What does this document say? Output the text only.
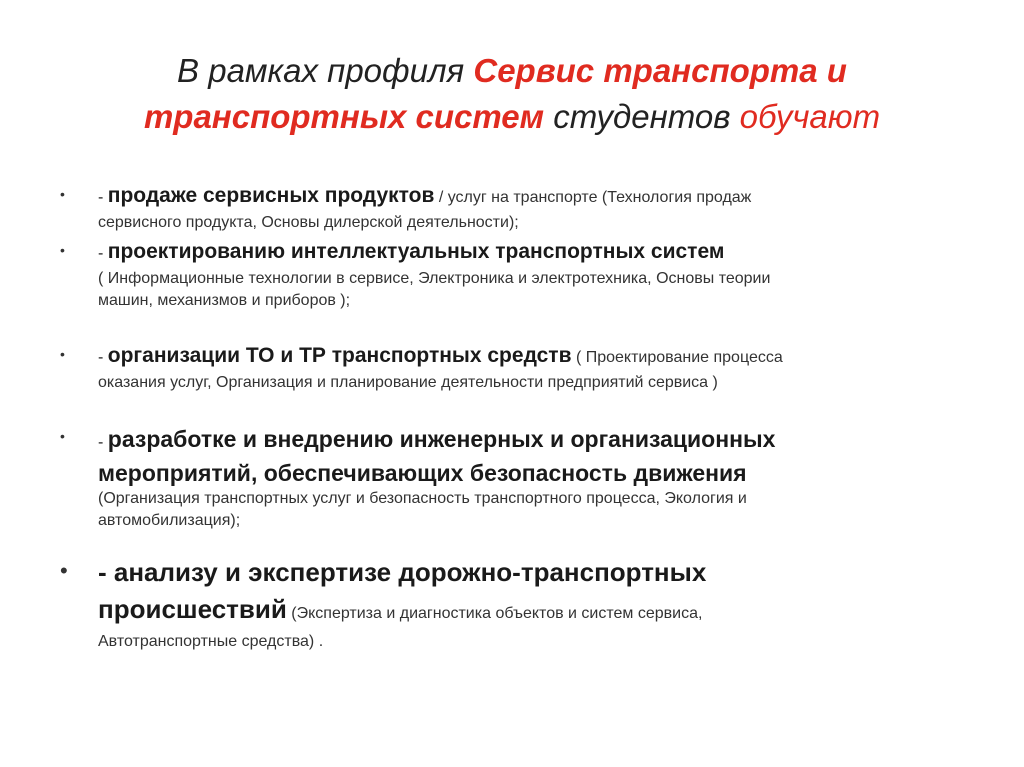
В рамках профиля Сервис транспорта и транспортных систем студентов обучают
• - продаже сервисных продуктов / услуг на транспорте (Технология продаж
сервисного продукта, Основы дилерской деятельности);
• - проектированию интеллектуальных транспортных систем
( Информационные технологии в сервисе, Электроника и электротехника, Основы теории
машин, механизмов и приборов );
• - организации ТО и ТР транспортных средств ( Проектирование процесса
оказания услуг, Организация и планирование деятельности предприятий сервиса )
• - разработке и внедрению инженерных и организационных
мероприятий, обеспечивающих безопасность движения
(Организация транспортных услуг и безопасность транспортного процесса, Экология и
автомобилизация);
• - анализу и экспертизе дорожно-транспортных
происшествий (Экспертиза и диагностика объектов и систем сервиса,
Автотранспортные средства) .
